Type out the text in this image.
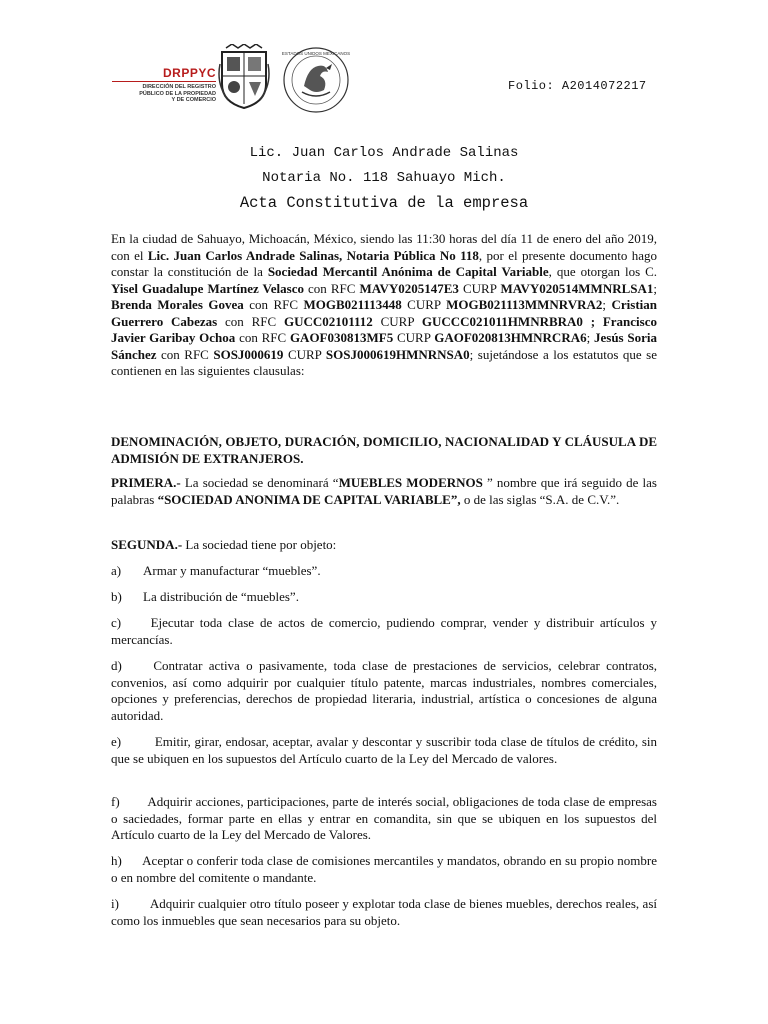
DRPPYC
DIRECCIÓN DEL REGISTRO
PÚBLICO DE LA PROPIEDAD
Y DE COMERCIO
ESTADOS UNIDOS MEXICANOS
Folio: A2014072217
Lic. Juan Carlos Andrade Salinas
Notaria No. 118 Sahuayo Mich.
Acta Constitutiva de la empresa

En la ciudad de Sahuayo, Michoacán, México, siendo las 11:30 horas del día 11 de enero del año 2019, con el Lic. Juan Carlos Andrade Salinas, Notaria Pública No 118, por el presente documento hago constar la constitución de la Sociedad Mercantil Anónima de Capital Variable, que otorgan los C. Yisel Guadalupe Martínez Velasco con RFC MAVY0205147E3 CURP MAVY020514MMNRLSA1; Brenda Morales Govea con RFC MOGB021113448 CURP MOGB021113MMNRVRA2; Cristian Guerrero Cabezas con RFC GUCC02101112 CURP GUCCC021011HMNRBRA0 ; Francisco Javier Garibay Ochoa con RFC GAOF030813MF5 CURP GAOF020813HMNRCRA6; Jesús Soria Sánchez con RFC SOSJ000619 CURP SOSJ000619HMNRNSA0; sujetándose a los estatutos que se contienen en las siguientes clausulas:

DENOMINACIÓN, OBJETO, DURACIÓN, DOMICILIO, NACIONALIDAD Y CLÁUSULA DE ADMISIÓN DE EXTRANJEROS.

PRIMERA.- La sociedad se denominará “MUEBLES MODERNOS ” nombre que irá seguido de las palabras “SOCIEDAD ANONIMA DE CAPITAL VARIABLE”, o de las siglas “S.A. de C.V.”.

SEGUNDA.- La sociedad tiene por objeto:

a) Armar y manufacturar “muebles”.

b) La distribución de “muebles”.

c) Ejecutar toda clase de actos de comercio, pudiendo comprar, vender y distribuir artículos y mercancías.

d) Contratar activa o pasivamente, toda clase de prestaciones de servicios, celebrar contratos, convenios, así como adquirir por cualquier título patente, marcas industriales, nombres comerciales, opciones y preferencias, derechos de propiedad literaria, industrial, artística o concesiones de alguna autoridad.

e)	Emitir, girar, endosar, aceptar, avalar y descontar y suscribir toda clase de títulos de crédito, sin que se ubiquen en los supuestos del Artículo cuarto de la Ley del Mercado de valores.

f) Adquirir acciones, participaciones, parte de interés social, obligaciones de toda clase de empresas o saciedades, formar parte en ellas y entrar en comandita, sin que se ubiquen en los supuestos del Artículo cuarto de la Ley del Mercado de Valores.

h) Aceptar o conferir toda clase de comisiones mercantiles y mandatos, obrando en su propio nombre o en nombre del comitente o mandante.

i) Adquirir cualquier otro título poseer y explotar toda clase de bienes muebles, derechos reales, así como los inmuebles que sean necesarios para su objeto.
